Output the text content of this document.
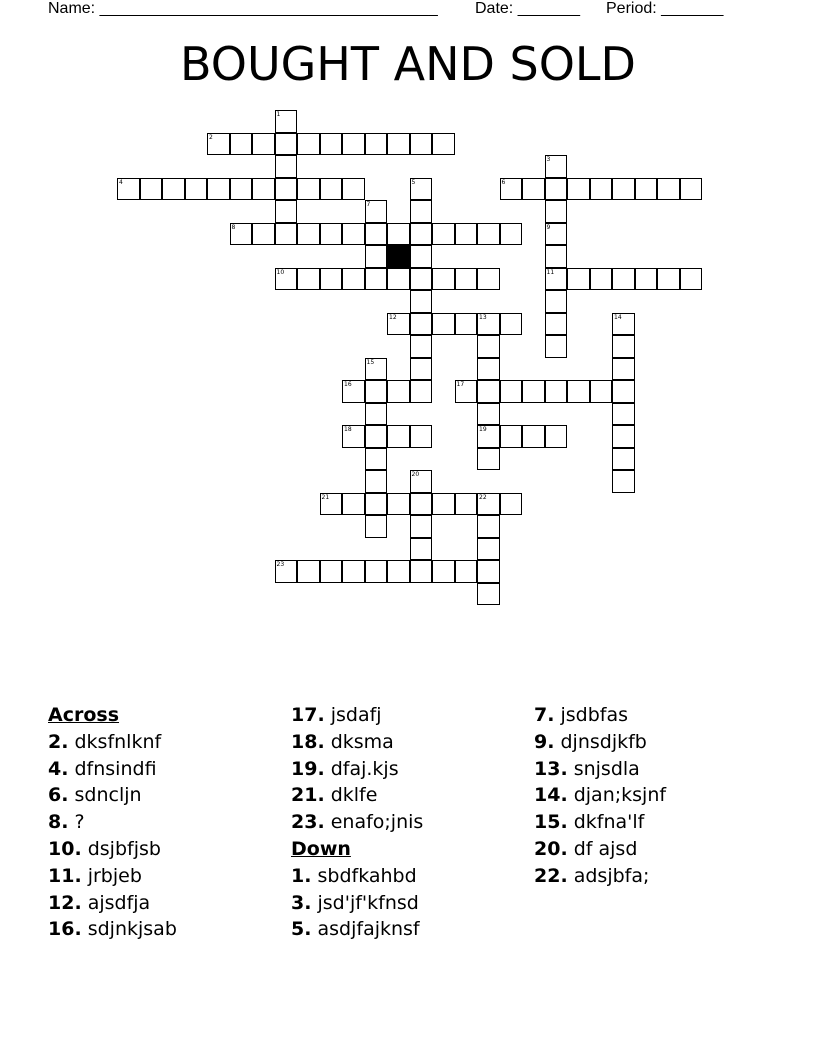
Name: ______________________________________ Date: _______ Period: _______
BOUGHT AND SOLD
1
2
3
9
4	5	6
7
8
11
10
12	13
19
14
15
16	17
18
20
21	22
23
Across
2. dksfnlknf
4. dfnsindfi
6. sdncljn
8. ?
10. dsjbfjsb
11. jrbjeb
12. ajsdfja
16. sdjnkjsab
17. jsdafj
18. dksma
19. dfaj.kjs
21. dklfe
23. enafo;jnis
Down
1. sbdfkahbd
3. jsd'jf'kfnsd
5. asdjfajknsf
7. jsdbfas
9. djnsdjkfb
13. snjsdla
14. djan;ksjnf
15. dkfna'lf
20. df ajsd
22. adsjbfa;
